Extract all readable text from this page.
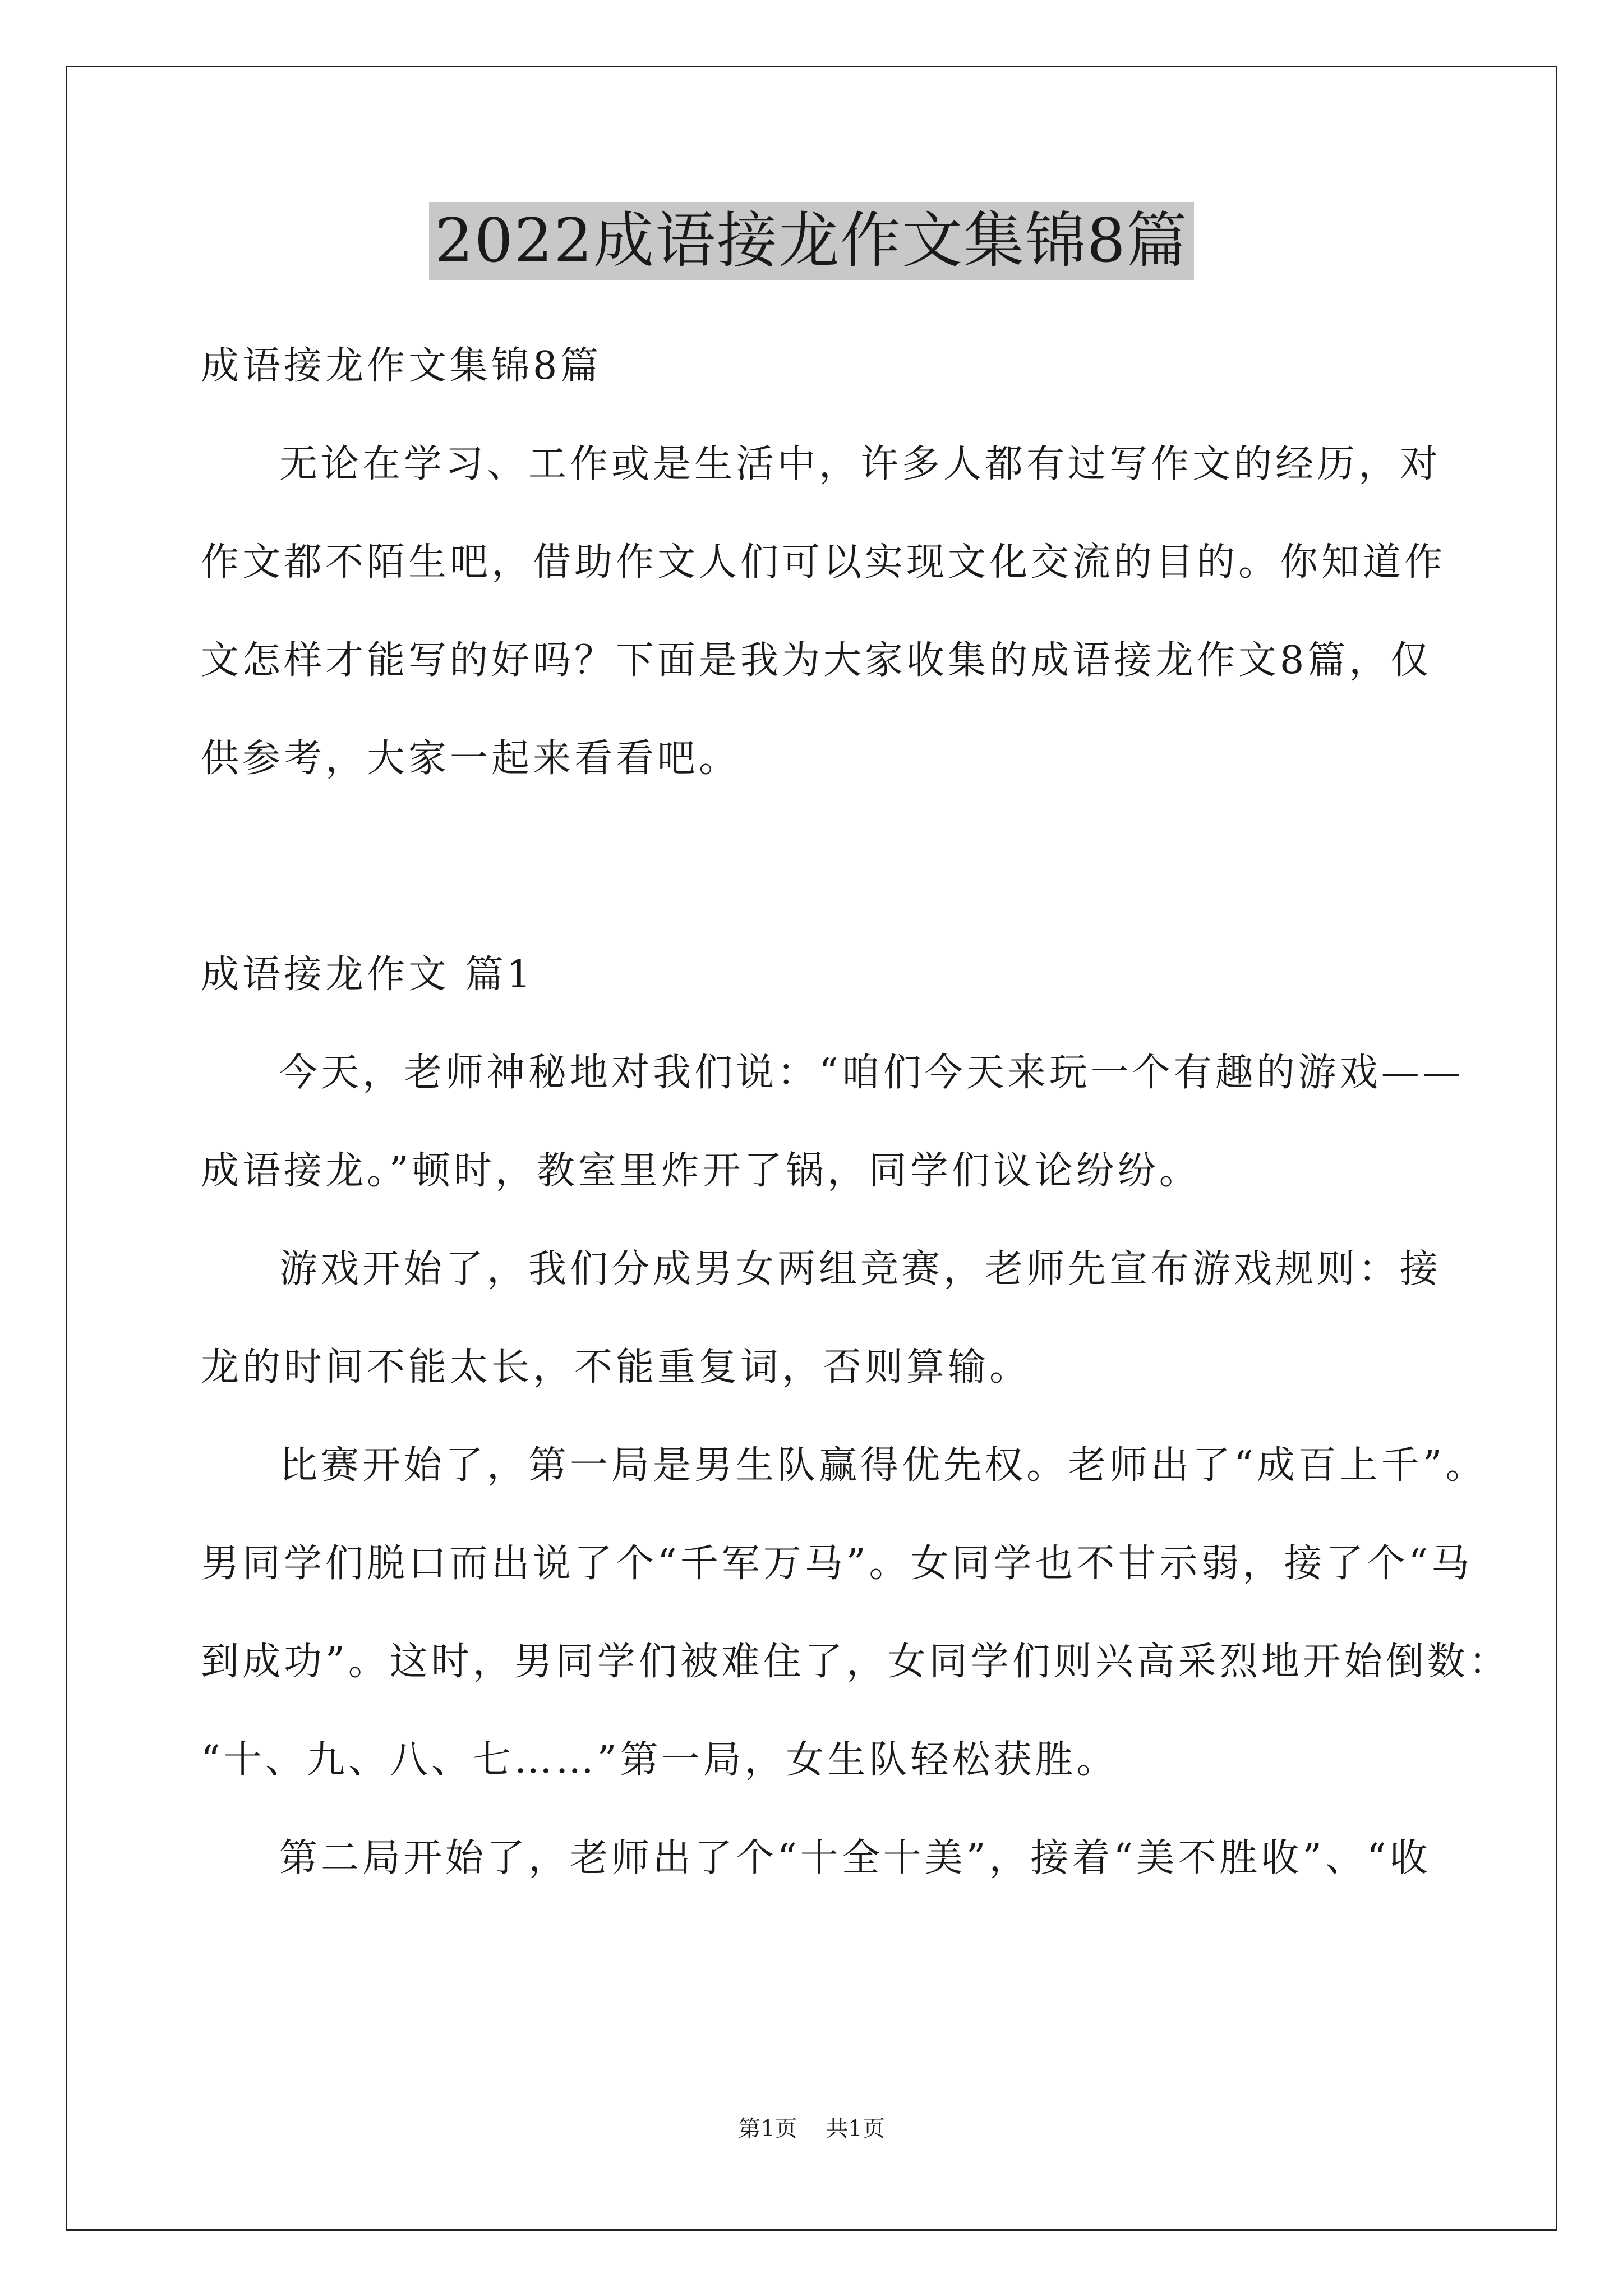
2022成语接龙作文集锦8篇
成语接龙作文集锦8篇
无论在学习、工作或是生活中，许多人都有过写作文的经历，对
作文都不陌生吧，借助作文人们可以实现文化交流的目的。你知道作
文怎样才能写的好吗？下面是我为大家收集的成语接龙作文8篇，仅
供参考，大家一起来看看吧。
成语接龙作文 篇1
今天，老师神秘地对我们说：“咱们今天来玩一个有趣的游戏——
成语接龙。”顿时，教室里炸开了锅，同学们议论纷纷。
游戏开始了，我们分成男女两组竞赛，老师先宣布游戏规则：接
龙的时间不能太长，不能重复词，否则算输。
比赛开始了，第一局是男生队赢得优先权。老师出了“成百上千”。
男同学们脱口而出说了个“千军万马”。女同学也不甘示弱，接了个“马
到成功”。这时，男同学们被难住了，女同学们则兴高采烈地开始倒数：
“十、九、八、七……”第一局，女生队轻松获胜。
第二局开始了，老师出了个“十全十美”，接着“美不胜收”、“收
第1页    共1页
